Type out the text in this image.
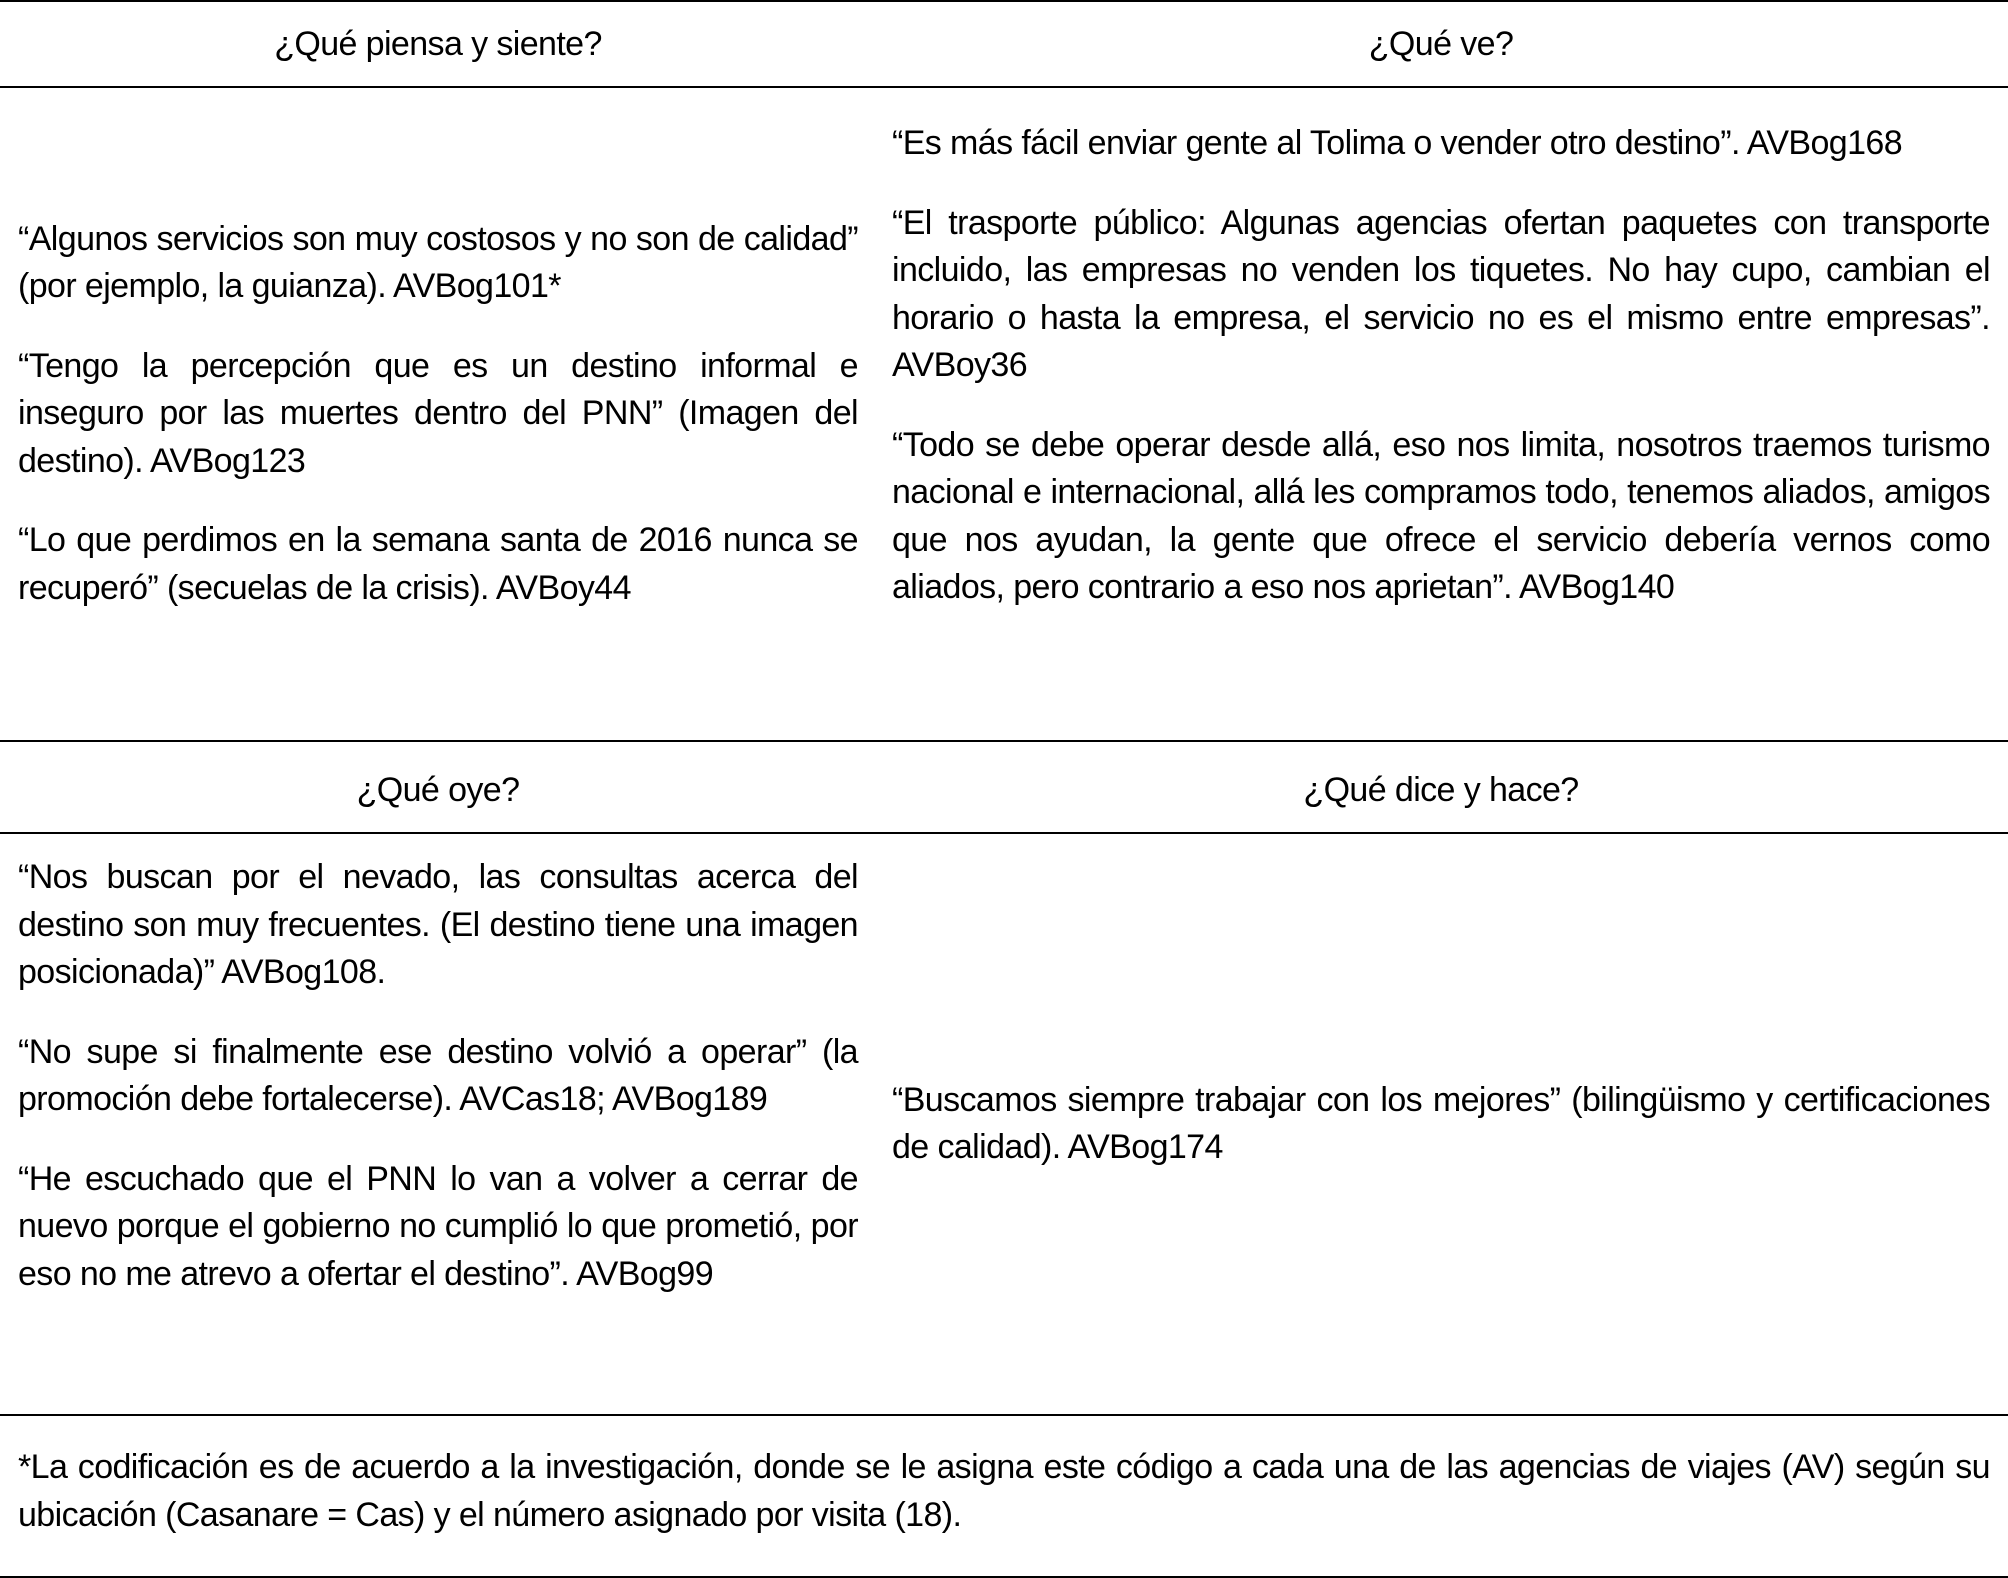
¿Qué piensa y siente?	¿Qué ve?

“Algunos servicios son muy costosos y no son de calidad” (por ejemplo, la guianza). AVBog101*

“Tengo la percepción que es un destino informal e inseguro por las muertes dentro del PNN” (Imagen del destino). AVBog123

“Lo que perdimos en la semana santa de 2016 nunca se recuperó” (secuelas de la crisis). AVBoy44

“Es más fácil enviar gente al Tolima o vender otro destino”. AVBog168

“El trasporte público: Algunas agencias ofertan paquetes con transporte incluido, las empresas no venden los tiquetes. No hay cupo, cambian el horario o hasta la empresa, el servicio no es el mismo entre empresas”. AVBoy36

“Todo se debe operar desde allá, eso nos limita, nosotros traemos turismo nacional e internacional, allá les compramos todo, tenemos aliados, amigos que nos ayudan, la gente que ofrece el servicio debería vernos como aliados, pero contrario a eso nos aprietan”. AVBog140

¿Qué oye?	¿Qué dice y hace?

“Nos buscan por el nevado, las consultas acerca del destino son muy frecuentes. (El destino tiene una imagen posicionada)” AVBog108.

“No supe si finalmente ese destino volvió a operar” (la promoción debe fortalecerse). AVCas18; AVBog189

“He escuchado que el PNN lo van a volver a cerrar de nuevo porque el gobierno no cumplió lo que prometió, por eso no me atrevo a ofertar el destino”. AVBog99

“Buscamos siempre trabajar con los mejores” (bilingüismo y certificaciones de calidad). AVBog174

*La codificación es de acuerdo a la investigación, donde se le asigna este código a cada una de las agencias de viajes (AV) según su ubicación (Casanare = Cas) y el número asignado por visita (18).
